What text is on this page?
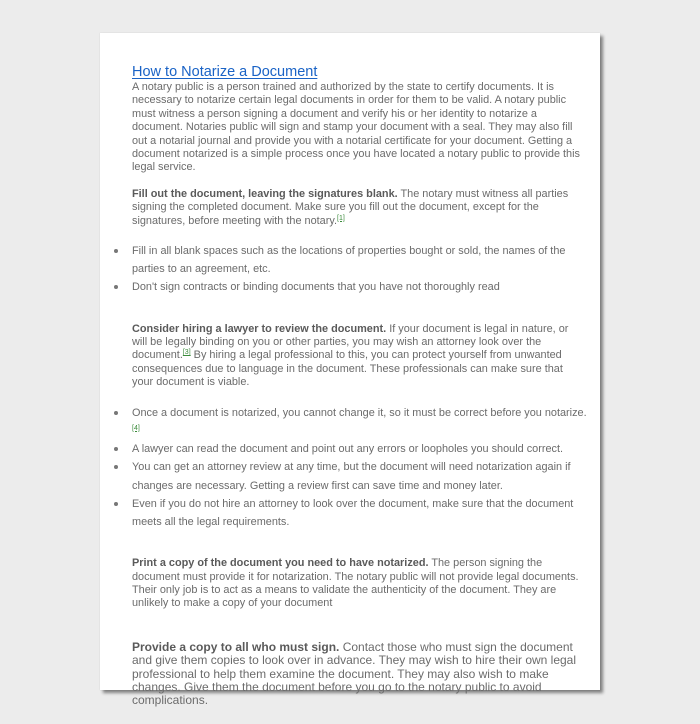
How to Notarize a Document

A notary public is a person trained and authorized by the state to certify documents. It is necessary to notarize certain legal documents in order for them to be valid. A notary public must witness a person signing a document and verify his or her identity to notarize a document. Notaries public will sign and stamp your document with a seal. They may also fill out a notarial journal and provide you with a notarial certificate for your document. Getting a document notarized is a simple process once you have located a notary public to provide this legal service.

Fill out the document, leaving the signatures blank. The notary must witness all parties signing the completed document. Make sure you fill out the document, except for the signatures, before meeting with the notary.[1]

Fill in all blank spaces such as the locations of properties bought or sold, the names of the parties to an agreement, etc.
Don't sign contracts or binding documents that you have not thoroughly read

Consider hiring a lawyer to review the document. If your document is legal in nature, or will be legally binding on you or other parties, you may wish an attorney look over the document.[3] By hiring a legal professional to this, you can protect yourself from unwanted consequences due to language in the document. These professionals can make sure that your document is viable.

Once a document is notarized, you cannot change it, so it must be correct before you notarize.[4]
A lawyer can read the document and point out any errors or loopholes you should correct.
You can get an attorney review at any time, but the document will need notarization again if changes are necessary. Getting a review first can save time and money later.
Even if you do not hire an attorney to look over the document, make sure that the document meets all the legal requirements.

Print a copy of the document you need to have notarized. The person signing the document must provide it for notarization. The notary public will not provide legal documents. Their only job is to act as a means to validate the authenticity of the document. They are unlikely to make a copy of your document

Provide a copy to all who must sign. Contact those who must sign the document and give them copies to look over in advance. They may wish to hire their own legal professional to help them examine the document. They may also wish to make changes. Give them the document before you go to the notary public to avoid complications.
